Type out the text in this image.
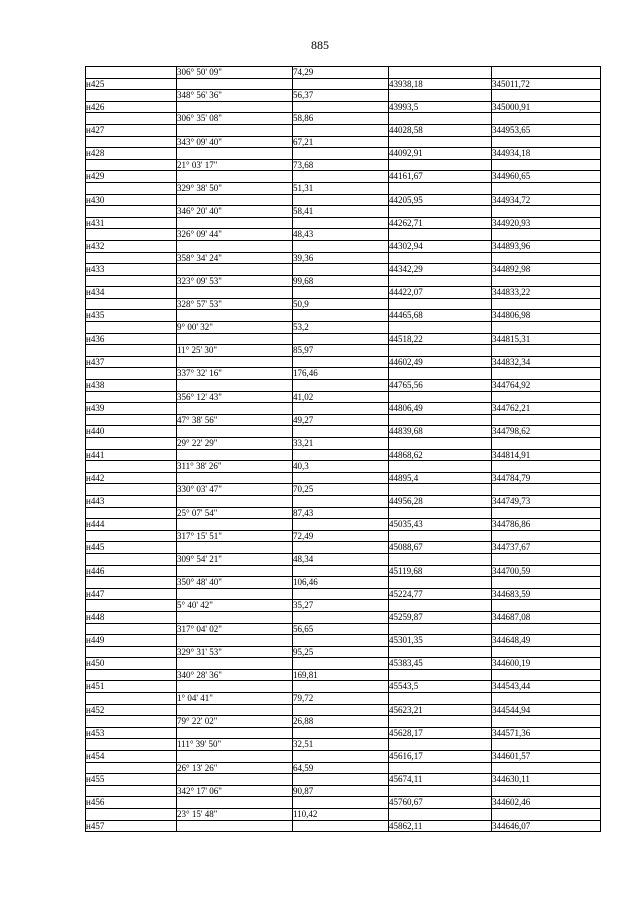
885
	306° 50' 09"	74,29		
н425			43938,18	345011,72
	348° 56' 36"	56,37		
н426			43993,5	345000,91
	306° 35' 08"	58,86		
н427			44028,58	344953,65
	343° 09' 40"	67,21		
н428			44092,91	344934,18
	21° 03' 17"	73,68		
н429			44161,67	344960,65
	329° 38' 50"	51,31		
н430			44205,95	344934,72
	346° 20' 40"	58,41		
н431			44262,71	344920,93
	326° 09' 44"	48,43		
н432			44302,94	344893,96
	358° 34' 24"	39,36		
н433			44342,29	344892,98
	323° 09' 53"	99,68		
н434			44422,07	344833,22
	328° 57' 53"	50,9		
н435			44465,68	344806,98
	9° 00' 32"	53,2		
н436			44518,22	344815,31
	11° 25' 30"	85,97		
н437			44602,49	344832,34
	337° 32' 16"	176,46		
н438			44765,56	344764,92
	356° 12' 43"	41,02		
н439			44806,49	344762,21
	47° 38' 56"	49,27		
н440			44839,68	344798,62
	29° 22' 29"	33,21		
н441			44868,62	344814,91
	311° 38' 26"	40,3		
н442			44895,4	344784,79
	330° 03' 47"	70,25		
н443			44956,28	344749,73
	25° 07' 54"	87,43		
н444			45035,43	344786,86
	317° 15' 51"	72,49		
н445			45088,67	344737,67
	309° 54' 21"	48,34		
н446			45119,68	344700,59
	350° 48' 40"	106,46		
н447			45224,77	344683,59
	5° 40' 42"	35,27		
н448			45259,87	344687,08
	317° 04' 02"	56,65		
н449			45301,35	344648,49
	329° 31' 53"	95,25		
н450			45383,45	344600,19
	340° 28' 36"	169,81		
н451			45543,5	344543,44
	1° 04' 41"	79,72		
н452			45623,21	344544,94
	79° 22' 02"	26,88		
н453			45628,17	344571,36
	111° 39' 50"	32,51		
н454			45616,17	344601,57
	26° 13' 26"	64,59		
н455			45674,11	344630,11
	342° 17' 06"	90,87		
н456			45760,67	344602,46
	23° 15' 48"	110,42		
н457			45862,11	344646,07
